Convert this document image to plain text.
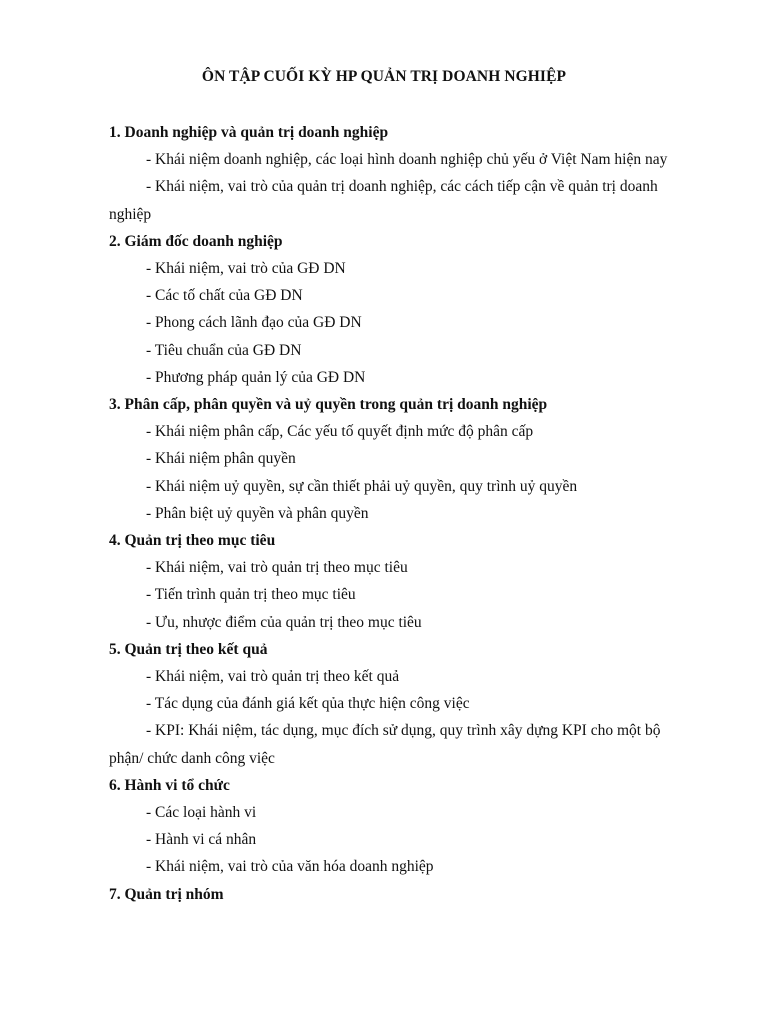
ÔN TẬP CUỐI KỲ HP QUẢN TRỊ DOANH NGHIỆP

1. Doanh nghiệp và quản trị doanh nghiệp

- Khái niệm doanh nghiệp, các loại hình doanh nghiệp chủ yếu ở Việt Nam hiện nay

- Khái niệm, vai trò của quản trị doanh nghiệp, các cách tiếp cận về quản trị doanh nghiệp

2. Giám đốc doanh nghiệp

- Khái niệm, vai trò của GĐ DN

- Các tố chất của GĐ DN

- Phong cách lãnh đạo của GĐ DN

- Tiêu chuẩn của GĐ DN

- Phương pháp quản lý của GĐ DN

3. Phân cấp, phân quyền và uỷ quyền trong quản trị doanh nghiệp

- Khái niệm phân cấp, Các yếu tố quyết định mức độ phân cấp

- Khái niệm phân quyền

- Khái niệm uỷ quyền, sự cần thiết phải uỷ quyền, quy trình uỷ quyền

- Phân biệt uỷ quyền và phân quyền

4. Quản trị theo mục tiêu

- Khái niệm, vai trò quản trị theo mục tiêu

- Tiến trình quản trị theo mục tiêu

- Ưu, nhược điểm của quản trị theo mục tiêu

5. Quản trị theo kết quả

- Khái niệm, vai trò quản trị theo kết quả

- Tác dụng của đánh giá kết qủa thực hiện công việc

- KPI: Khái niệm, tác dụng, mục đích sử dụng, quy trình xây dựng KPI cho một bộ phận/ chức danh công việc

6. Hành vi tổ chức

- Các loại hành vi

- Hành vi cá nhân

- Khái niệm, vai trò của văn hóa doanh nghiệp

7. Quản trị nhóm
